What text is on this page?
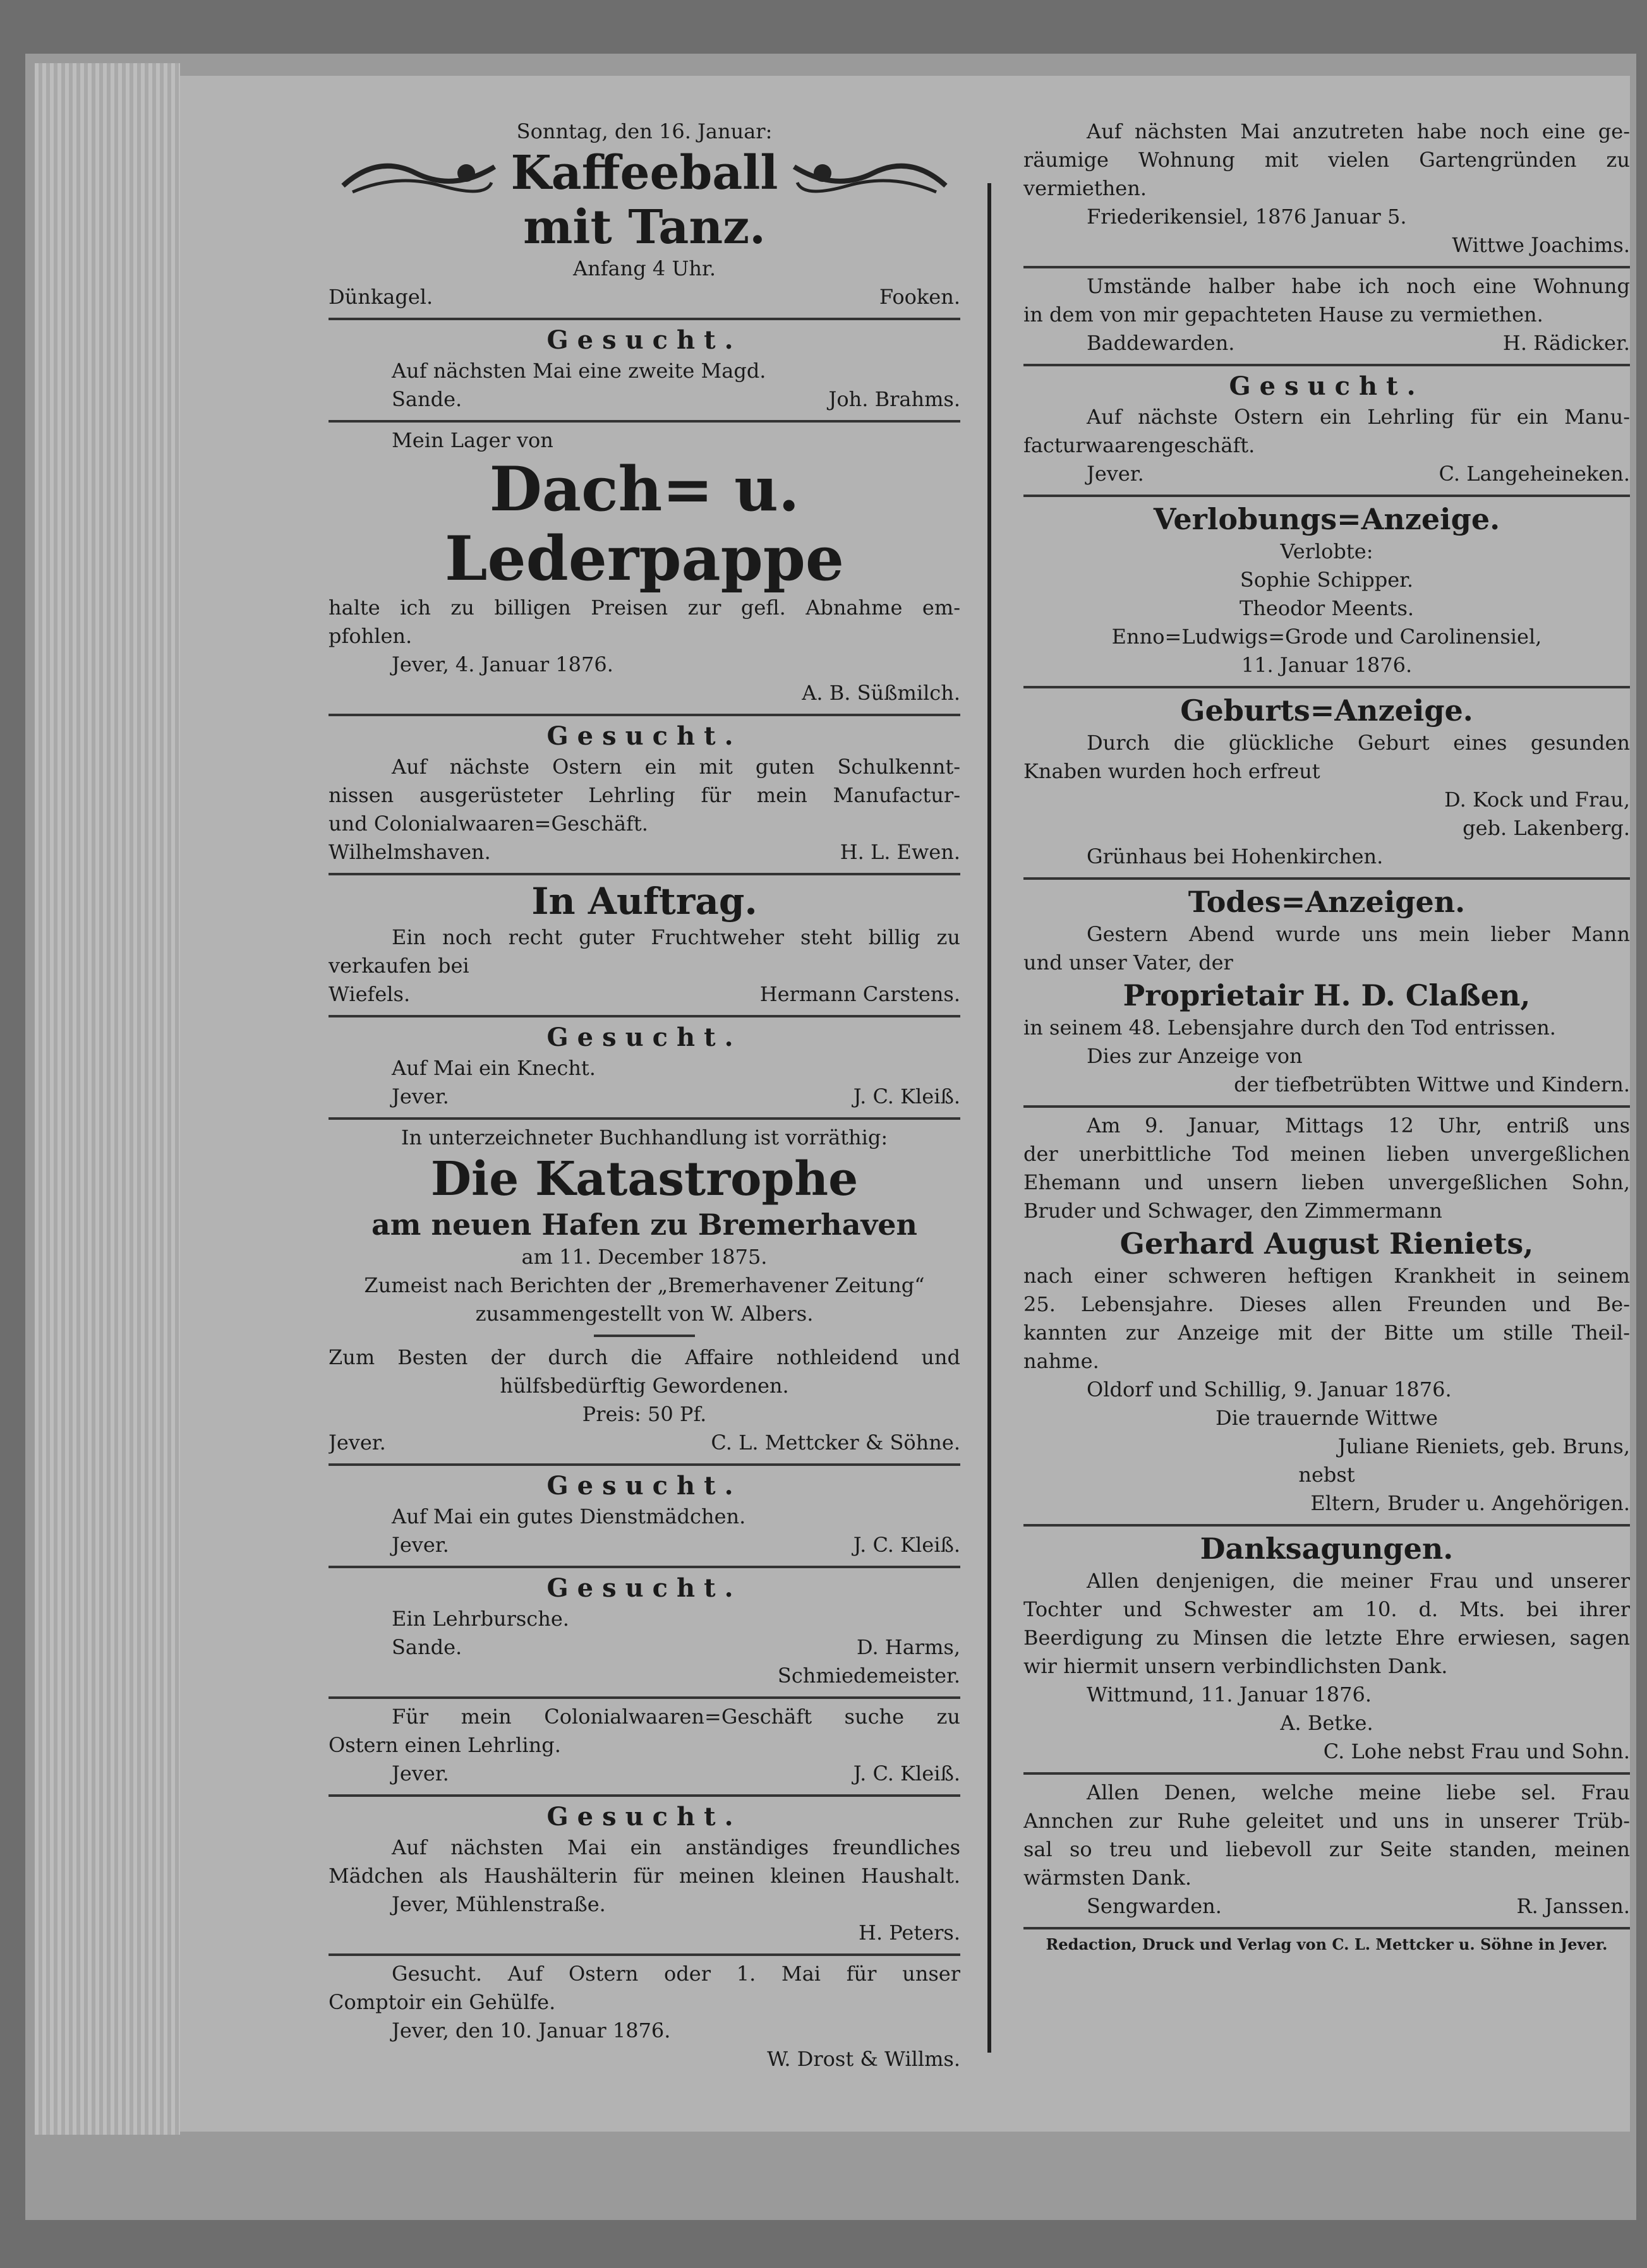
Sonntag, den 16. Januar:
Kaffeeball
mit Tanz.
Anfang 4 Uhr.
Dünkagel.	Fooken.
Gesucht.
Auf nächsten Mai eine zweite Magd.
Sande.	Joh. Brahms.
Mein Lager von
Dach= u. Lederpappe
halte ich zu billigen Preisen zur gefl. Abnahme em-
pfohlen.
Jever, 4. Januar 1876.
A. B. Süßmilch.
Gesucht.
Auf nächste Ostern ein mit guten Schulkennt-
nissen ausgerüsteter Lehrling für mein Manufactur-
und Colonialwaaren=Geschäft.
Wilhelmshaven.	H. L. Ewen.
In Auftrag.
Ein noch recht guter Fruchtweher steht billig zu
verkaufen bei
Wiefels.	Hermann Carstens.
Gesucht.
Auf Mai ein Knecht.
Jever.	J. C. Kleiß.
In unterzeichneter Buchhandlung ist vorräthig:
Die Katastrophe
am neuen Hafen zu Bremerhaven
am 11. December 1875.
Zumeist nach Berichten der „Bremerhavener Zeitung“
zusammengestellt von W. Albers.
Zum Besten der durch die Affaire nothleidend und
hülfsbedürftig Gewordenen.
Preis: 50 Pf.
Jever.	C. L. Mettcker & Söhne.
Gesucht.
Auf Mai ein gutes Dienstmädchen.
Jever.	J. C. Kleiß.
Gesucht.
Ein Lehrbursche.
Sande.	D. Harms,
Schmiedemeister.
Für mein Colonialwaaren=Geschäft suche zu
Ostern einen Lehrling.
Jever.	J. C. Kleiß.
Gesucht.
Auf nächsten Mai ein anständiges freundliches
Mädchen als Haushälterin für meinen kleinen Haushalt.
Jever, Mühlenstraße.
H. Peters.
Gesucht. Auf Ostern oder 1. Mai für unser
Comptoir ein Gehülfe.
Jever, den 10. Januar 1876.
W. Drost & Willms.
Auf nächsten Mai anzutreten habe noch eine ge-
räumige Wohnung mit vielen Gartengründen zu
vermiethen.
Friederikensiel, 1876 Januar 5.
Wittwe Joachims.
Umstände halber habe ich noch eine Wohnung
in dem von mir gepachteten Hause zu vermiethen.
Baddewarden.	H. Rädicker.
Gesucht.
Auf nächste Ostern ein Lehrling für ein Manu-
facturwaarengeschäft.
Jever.	C. Langeheineken.
Verlobungs=Anzeige.
Verlobte:
Sophie Schipper.
Theodor Meents.
Enno=Ludwigs=Grode und Carolinensiel,
11. Januar 1876.
Geburts=Anzeige.
Durch die glückliche Geburt eines gesunden
Knaben wurden hoch erfreut
D. Kock und Frau,
geb. Lakenberg.
Grünhaus bei Hohenkirchen.
Todes=Anzeigen.
Gestern Abend wurde uns mein lieber Mann
und unser Vater, der
Proprietair H. D. Claßen,
in seinem 48. Lebensjahre durch den Tod entrissen.
Dies zur Anzeige von
der tiefbetrübten Wittwe und Kindern.
Am 9. Januar, Mittags 12 Uhr, entriß uns
der unerbittliche Tod meinen lieben unvergeßlichen
Ehemann und unsern lieben unvergeßlichen Sohn,
Bruder und Schwager, den Zimmermann
Gerhard August Rieniets,
nach einer schweren heftigen Krankheit in seinem
25. Lebensjahre. Dieses allen Freunden und Be-
kannten zur Anzeige mit der Bitte um stille Theil-
nahme.
Oldorf und Schillig, 9. Januar 1876.
Die trauernde Wittwe
Juliane Rieniets, geb. Bruns,
nebst
Eltern, Bruder u. Angehörigen.
Danksagungen.
Allen denjenigen, die meiner Frau und unserer
Tochter und Schwester am 10. d. Mts. bei ihrer
Beerdigung zu Minsen die letzte Ehre erwiesen, sagen
wir hiermit unsern verbindlichsten Dank.
Wittmund, 11. Januar 1876.
A. Betke.
C. Lohe nebst Frau und Sohn.
Allen Denen, welche meine liebe sel. Frau
Annchen zur Ruhe geleitet und uns in unserer Trüb-
sal so treu und liebevoll zur Seite standen, meinen
wärmsten Dank.
Sengwarden.	R. Janssen.
Redaction, Druck und Verlag von C. L. Mettcker u. Söhne in Jever.
